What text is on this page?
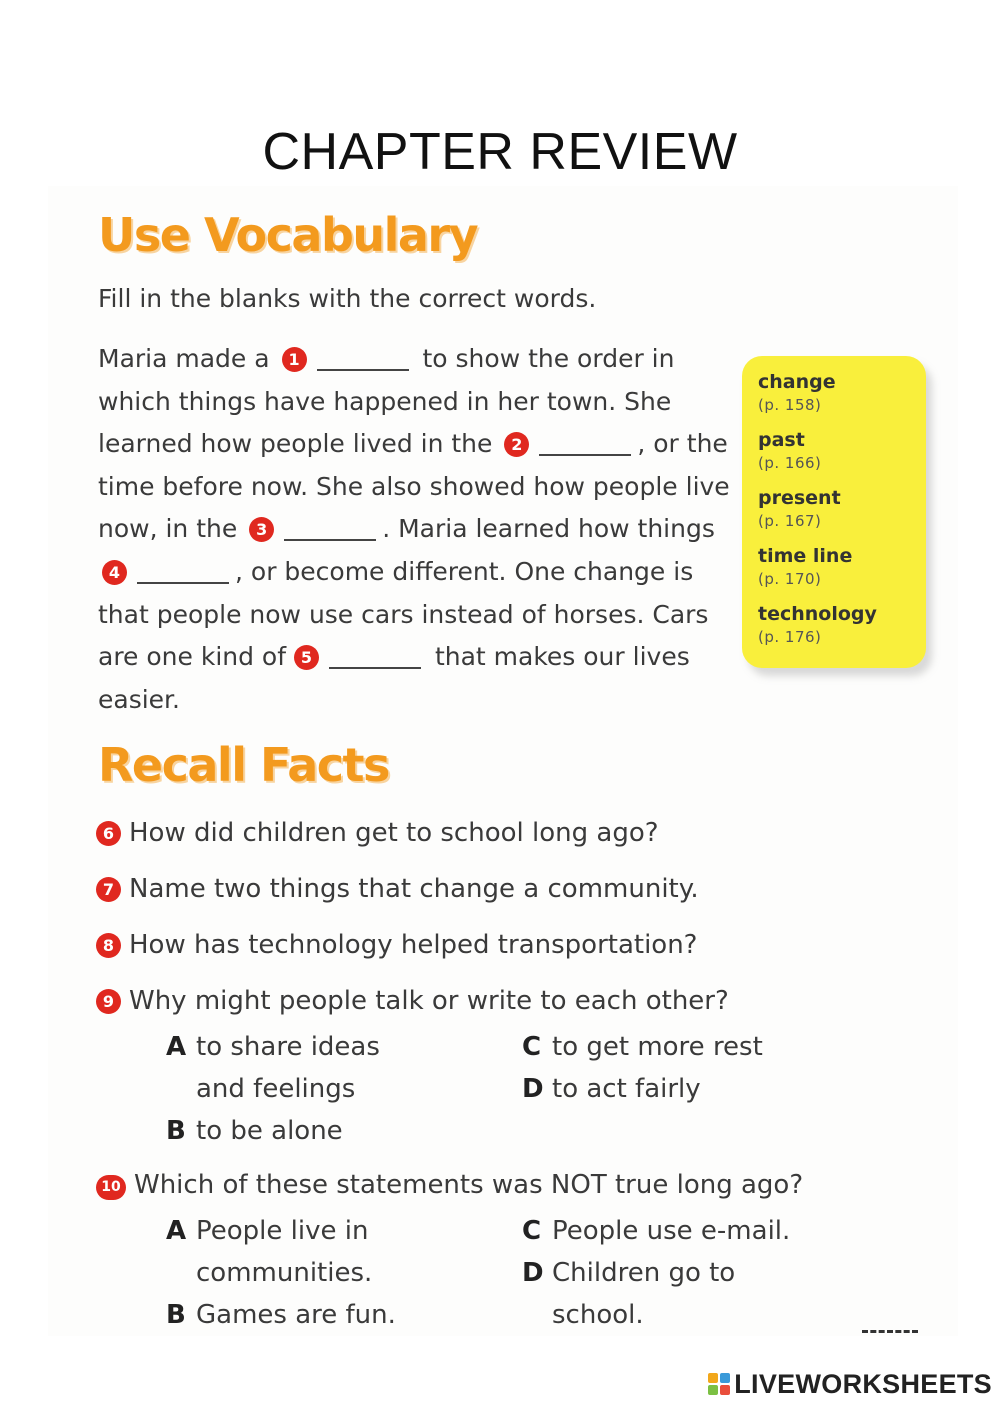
CHAPTER REVIEW
Use Vocabulary
Fill in the blanks with the correct words.
Maria made a 1	to show the order in which things have happened in her town. She learned how people lived in the 2	, or the time before now. She also showed how people live now, in the 3	. Maria learned how things 4	, or become different. One change is that people now use cars instead of horses. Cars are one kind of 5	that makes our lives easier.
change
(p. 158)
past
(p. 166)
present
(p. 167)
time line
(p. 170)
technology
(p. 176)
Recall Facts
6 How did children get to school long ago?
7 Name two things that change a community.
8 How has technology helped transportation?
9 Why might people talk or write to each other?
A to share ideas
and feelings
B to be alone
C to get more rest
D to act fairly
10 Which of these statements was NOT true long ago?
A People live in
communities.
B Games are fun.
C People use e-mail.
D Children go to
school.
LIVEWORKSHEETS
